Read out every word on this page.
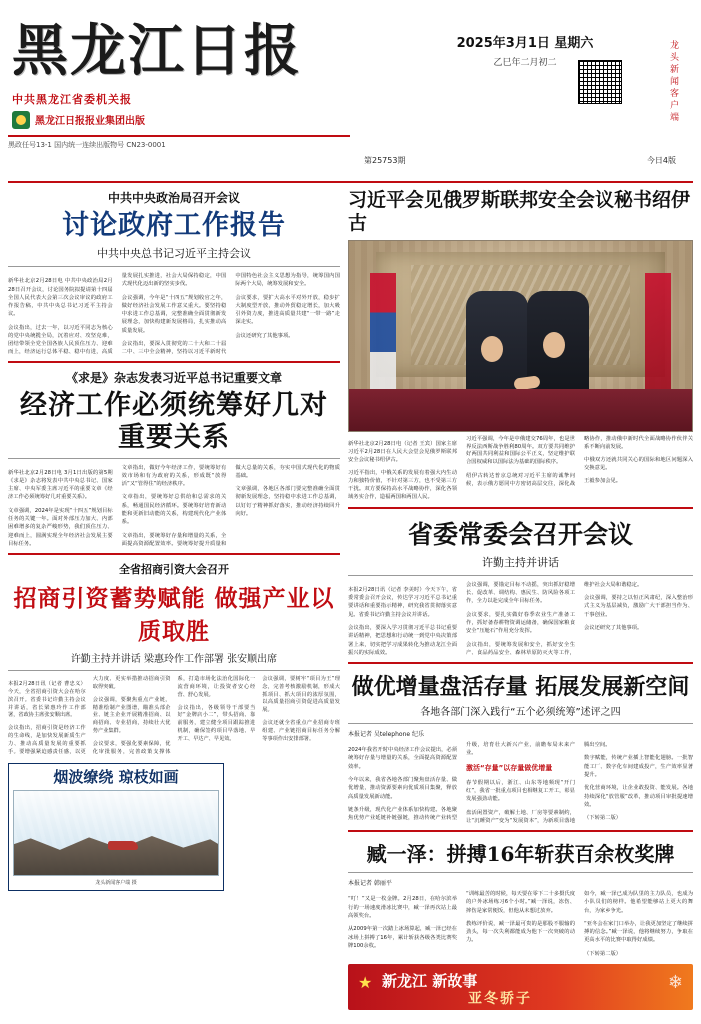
黑龙江日报
中共黑龙江省委机关报
黑龙江日报报业集团出版
黑政任号13-1 国内统一连续出版物号 CN23-0001
2025年3月1日 星期六
乙巳年二月初二	龙头新闻客户端
第25753期	今日4版
中共中央政治局召开会议
讨论政府工作报告
中共中央总书记习近平主持会议

新华社北京2月28日电 中共中央政治局2月28日召开会议，讨论国务院拟提请第十四届全国人民代表大会第三次会议审议的政府工作报告稿，中共中央总书记习近平主持会议。

会议指出，过去一年，以习近平同志为核心的党中央统揽全局，沉着应对、攻坚克难，团结带领全党全国各族人民顶住压力、迎难而上，经济运行总体平稳、稳中有进，高质量发展扎实推进，社会大局保持稳定，中国式现代化迈出新的坚实步伐。

会议强调，今年是“十四五”规划收官之年，做好经济社会发展工作意义重大。要坚持稳中求进工作总基调，完整准确全面贯彻新发展理念，加快构建新发展格局，扎实推动高质量发展。

会议指出，要深入贯彻党的二十大和二十届二中、三中全会精神，坚持以习近平新时代中国特色社会主义思想为指导，统筹国内国际两个大局，统筹发展和安全。

会议要求，要扩大高水平对外开放，稳步扩大制度型开放，推动外贸稳定增长，加大吸引外资力度，推进高质量共建“一带一路”走深走实。

会议还研究了其他事项。

《求是》杂志发表习近平总书记重要文章
经济工作必须统筹好几对重要关系

新华社北京2月28日电 3月1日出版的第5期《求是》杂志将发表中共中央总书记、国家主席、中央军委主席习近平的重要文章《经济工作必须统筹好几对重要关系》。

文章强调，2024年是实现“十四五”规划目标任务的关键一年。面对外部压力加大、内部困难增多的复杂严峻形势，我们顶住压力、迎难而上，圆满实现全年经济社会发展主要目标任务。

文章指出，做好今年经济工作，要统筹好有效市场和有为政府的关系，形成既“放得活”又“管得住”的经济秩序。

文章指出，要统筹好总供给和总需求的关系，畅通国民经济循环。要统筹好培育新动能和更新旧动能的关系，构建现代化产业体系。

文章指出，要统筹好存量和增量的关系，全面提高资源配置效率。要统筹好提升质量和做大总量的关系，夯实中国式现代化的物质基础。

文章强调，各地区各部门要完整准确全面贯彻新发展理念，坚持稳中求进工作总基调，以钉钉子精神抓好落实，推动经济持续回升向好。

全省招商引资大会召开
招商引资蓄势赋能 做强产业以质取胜
许勤主持并讲话 梁惠玲作工作部署 张安顺出席

本报2月28日讯（记者 曹忠义）今天，全省招商引资大会在哈尔滨召开。省委书记许勤主持会议并讲话，省长梁惠玲作工作部署，省政协主席张安顺出席。

会议指出，招商引资是经济工作的生命线，是加快发展新质生产力、推动高质量发展的重要抓手。要增强紧迫感责任感，以更大力度、更实举措推动招商引资取得突破。

会议强调，要聚焦重点产业链，精准绘制产业图谱，瞄准头部企业、链主企业开展精准招商、以商招商、专业招商，持续壮大优势产业集群。

会议要求，要强化要素保障，优化审批服务，完善政策支撑体系，打造市场化法治化国际化一流营商环境，让投资者安心经营、舒心发展。

会议指出，各级领导干部要当好“金牌店小二”，带头招商、靠前服务，建立健全项目跟踪推进机制，确保签约项目早落地、早开工、早达产、早见效。

会议强调，要树牢“项目为王”理念，完善考核激励机制，形成大抓项目、抓大项目的浓厚氛围，以高质量招商引资促进高质量发展。

会议还就全省重点产业招商专班组建、产业链招商目标任务分解等事项作出安排部署。

烟波缭绕 琼枝如画
龙头新闻客户端 摄
习近平会见俄罗斯联邦安全会议秘书绍伊古

新华社北京2月28日电（记者 王宾）国家主席习近平2月28日在人民大会堂会见俄罗斯联邦安全会议秘书绍伊古。

习近平指出，中俄关系的发展有着强大内生动力和独特价值，不针对第三方，也不受第三方干扰。双方要保持高水平战略协作，深化各领域务实合作，造福两国和两国人民。

习近平强调，今年是中俄建交76周年，也是世界反法西斯战争胜利80周年。双方要共同维护好两国共同利益和国际公平正义，坚定维护联合国权威和以国际法为基础的国际秩序。

绍伊古转达普京总统对习近平主席的诚挚问候，表示俄方愿同中方密切高层交往，深化战略协作，推动俄中新时代全面战略协作伙伴关系不断向前发展。

中俄双方还就共同关心的国际和地区问题深入交换意见。

王毅参加会见。

省委常委会召开会议
许勤主持并讲话

本报2月28日讯（记者 李美时）今天下午，省委常委会召开会议，传达学习习近平总书记重要讲话和重要指示精神，研究我省贯彻落实意见。省委书记许勤主持会议并讲话。

会议指出，要深入学习贯彻习近平总书记重要讲话精神，把思想和行动统一到党中央决策部署上来，切实把学习成果转化为推动龙江全面振兴的实际成效。

会议强调，要锚定目标不动摇，突出抓好稳增长、促改革、调结构、惠民生、防风险各项工作，全力以赴完成全年目标任务。

会议要求，要扎实做好春季农业生产准备工作，抓好备春耕物资调运储备，确保国家粮食安全“压舱石”作用充分发挥。

会议指出，要统筹发展和安全，抓好安全生产、食品药品安全、森林草原防灭火等工作，维护社会大局和谐稳定。

会议强调，要持之以恒正风肃纪，深入整治形式主义为基层减负，激励广大干部担当作为、干事创业。

会议还研究了其他事项。

做优增量盘活存量 拓展发展新空间
各地各部门深入践行“五个必须统筹”述评之四
本报记者 吴telephone 纪乐

2024年我省开时中央经济工作会议提出，必须统筹好存量与增量的关系，全面提高资源配置效率。

今年以来，我省各地各部门聚焦盘活存量、做优增量，推动资源要素向优质项目集聚，释放高质量发展新动能。

链条升级，现代化产业体系加快构建。各地聚焦优势产业延链补链强链，推动传统产业转型升级，培育壮大新兴产业，前瞻布局未来产业。

激活“存量”以存量做优增量

春节假期以后，浙江、山东等地频现“开门红”，我省一批重点项目也相继复工开工，彰显发展强劲动能。

盘活闲置资产，破解土地、厂房等要素制约，让“沉睡资产”变为“发展资本”，为新项目落地腾出空间。

数字赋能，传统产业插上智能化翅膀。一批智能工厂、数字化车间建成投产，生产效率显著提升。

优化营商环境，让企业敢投资、能发展。各地持续深化“放管服”改革，推动项目审批提速增效。

（下转第二版）

臧一泽：拼搏16年斩获百余枚奖牌
本报记者 韩丽平

“叮！”又是一枚金牌。2月28日，在哈尔滨举行的一场速度滑冰比赛中，臧一泽再次站上最高领奖台。

从2009年第一次踏上冰场算起，臧一泽已经在冰场上拼搏了16年，累计斩获各级各类比赛奖牌100余枚。

“训练最苦的时候，每天要在零下二十多摄氏度的户外冰场练习6个小时。”臧一泽说，冻伤、摔伤是家常便饭，但他从未想过放弃。

教练评价说，臧一泽最可贵的是那股不服输的劲头，每一次失利都能成为他下一次突破的动力。

如今，臧一泽已成为队里的主力队员，也成为小队员们的榜样。他希望能够站上更大的舞台，为家乡争光。

“亚冬会在家门口举办，让我更加坚定了继续拼搏的信念。”臧一泽说，他将继续努力，争取在更高水平的比赛中取得好成绩。

（下转第二版）

★ 新龙江 新故事
亚冬骄子
❄
